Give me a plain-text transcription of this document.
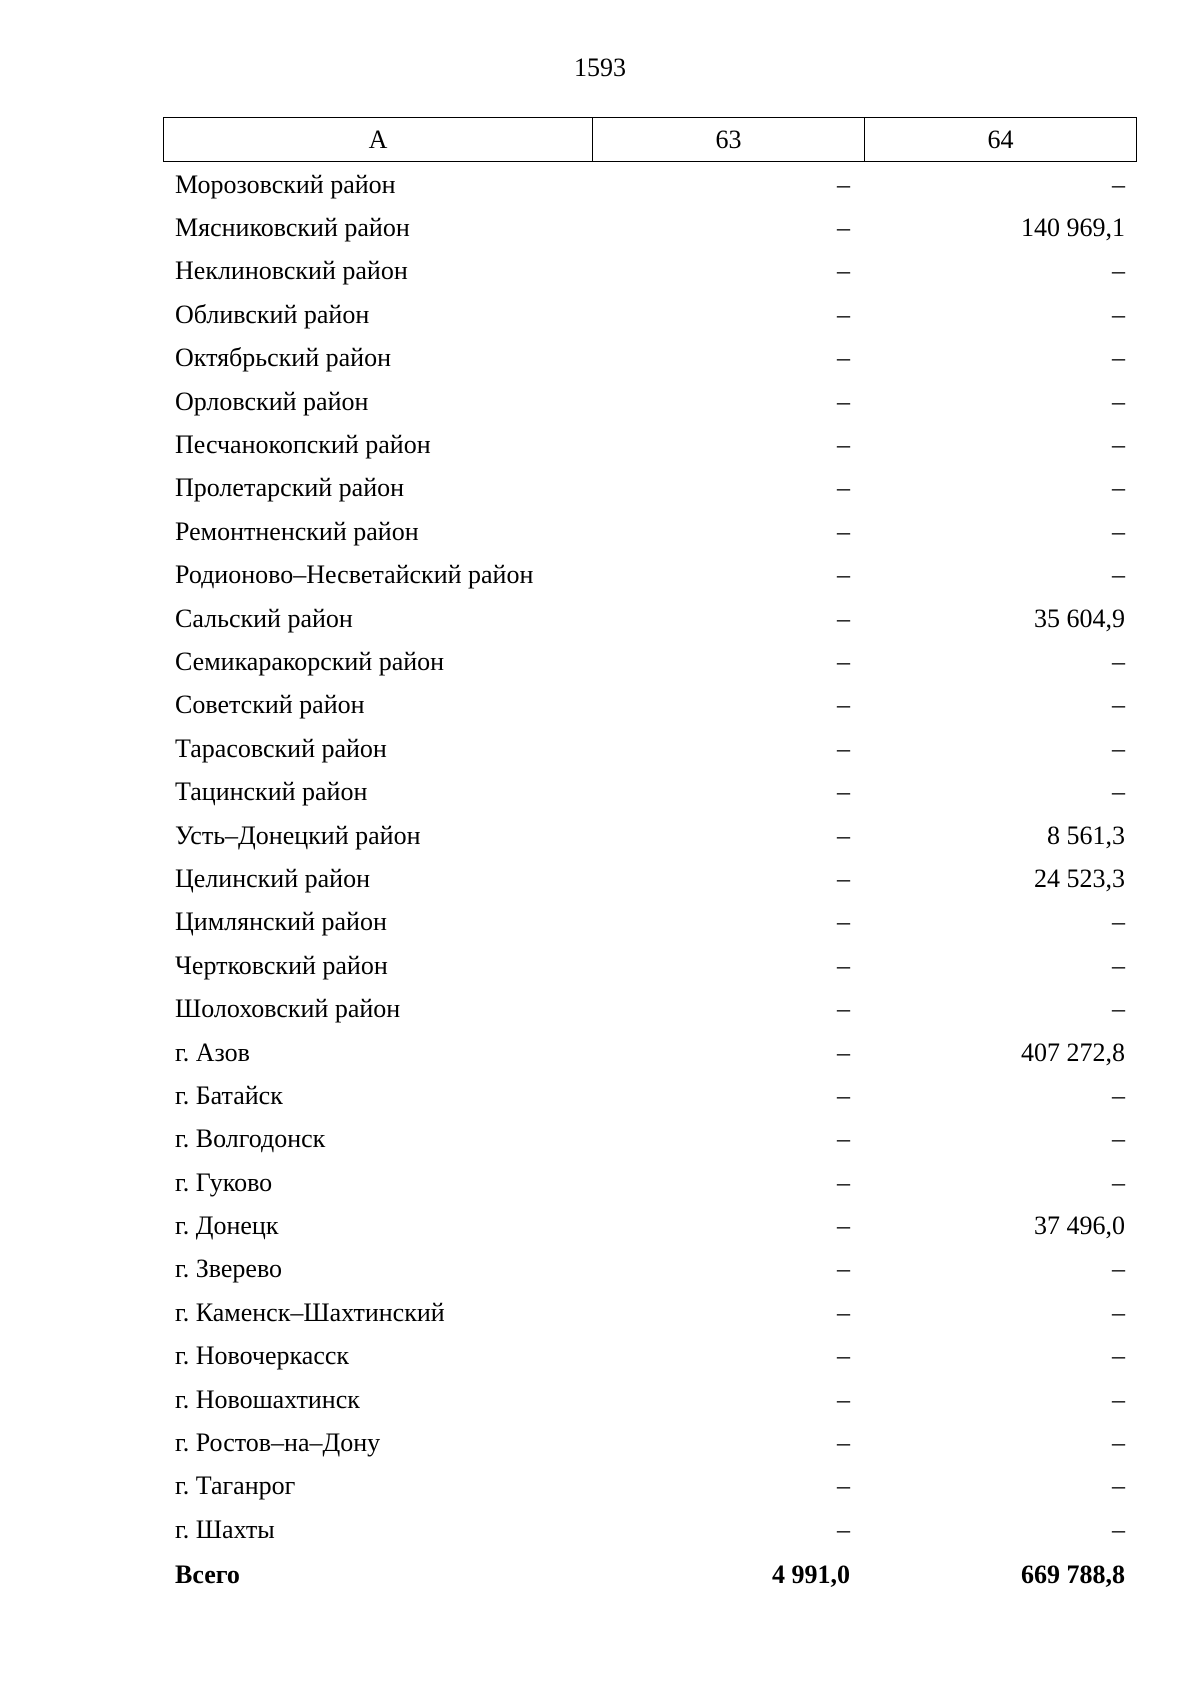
1593
А	63	64
Морозовский район	–	–
Мясниковский район	–	140 969,1
Неклиновский район	–	–
Обливский район	–	–
Октябрьский район	–	–
Орловский район	–	–
Песчанокопский район	–	–
Пролетарский район	–	–
Ремонтненский район	–	–
Родионово–Несветайский район	–	–
Сальский район	–	35 604,9
Семикаракорский район	–	–
Советский район	–	–
Тарасовский район	–	–
Тацинский район	–	–
Усть–Донецкий район	–	8 561,3
Целинский район	–	24 523,3
Цимлянский район	–	–
Чертковский район	–	–
Шолоховский район	–	–
г. Азов	–	407 272,8
г. Батайск	–	–
г. Волгодонск	–	–
г. Гуково	–	–
г. Донецк	–	37 496,0
г. Зверево	–	–
г. Каменск–Шахтинский	–	–
г. Новочеркасск	–	–
г. Новошахтинск	–	–
г. Ростов–на–Дону	–	–
г. Таганрог	–	–
г. Шахты	–	–
Всего	4 991,0	669 788,8
